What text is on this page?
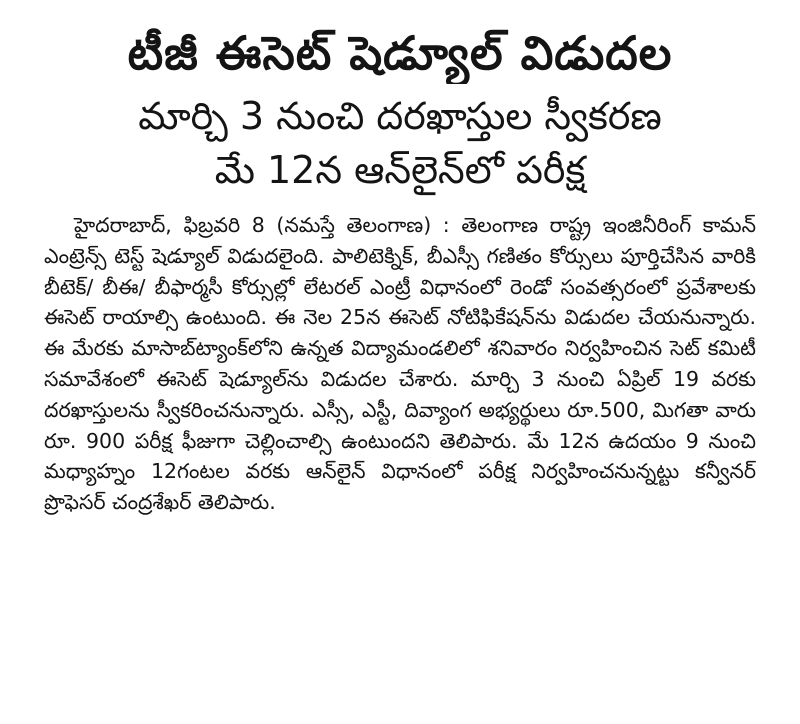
టీజీ ఈసెట్‌ షెడ్యూల్‌ విడుదల
మార్చి 3 నుంచి దరఖాస్తుల స్వీకరణ
మే 12న ఆన్‌లైన్‌లో పరీక్ష
హైదరాబాద్‌, ఫిబ్రవరి 8 (నమస్తే తెలంగాణ) : తెలంగాణ రాష్ట్ర ఇంజినీరింగ్‌ కామన్‌ ఎంట్రెన్స్‌ టెస్ట్‌ షెడ్యూల్‌ విడుదలైంది. పాలిటెక్నిక్‌, బీఎస్సీ గణితం కోర్సులు పూర్తిచేసిన వారికి బీటెక్‌/ బీఈ/ బీఫార్మసీ కోర్సుల్లో లేటరల్‌ ఎంట్రీ విధానంలో రెండో సంవత్సరంలో ప్రవేశాలకు ఈసెట్‌ రాయాల్సి ఉంటుంది. ఈ నెల 25న ఈసెట్‌ నోటిఫికేషన్‌ను విడుదల చేయనున్నారు. ఈ మేరకు మాసాబ్‌ట్యాంక్‌లోని ఉన్నత విద్యామండలిలో శనివారం నిర్వహించిన సెట్‌ కమిటీ సమావేశంలో ఈసెట్‌ షెడ్యూల్‌ను విడుదల చేశారు. మార్చి 3 నుంచి ఏప్రిల్‌ 19 వరకు దరఖాస్తులను స్వీకరించనున్నారు. ఎస్సీ, ఎస్టీ, దివ్యాంగ అభ్యర్థులు రూ.500, మిగతా వారు రూ. 900 పరీక్ష ఫీజుగా చెల్లించాల్సి ఉంటుందని తెలిపారు. మే 12న ఉదయం 9 నుంచి మధ్యాహ్నం 12గంటల వరకు ఆన్‌లైన్‌ విధానంలో పరీక్ష నిర్వహించనున్నట్టు కన్వీనర్‌ ప్రొఫెసర్‌ చంద్రశేఖర్‌ తెలిపారు.
